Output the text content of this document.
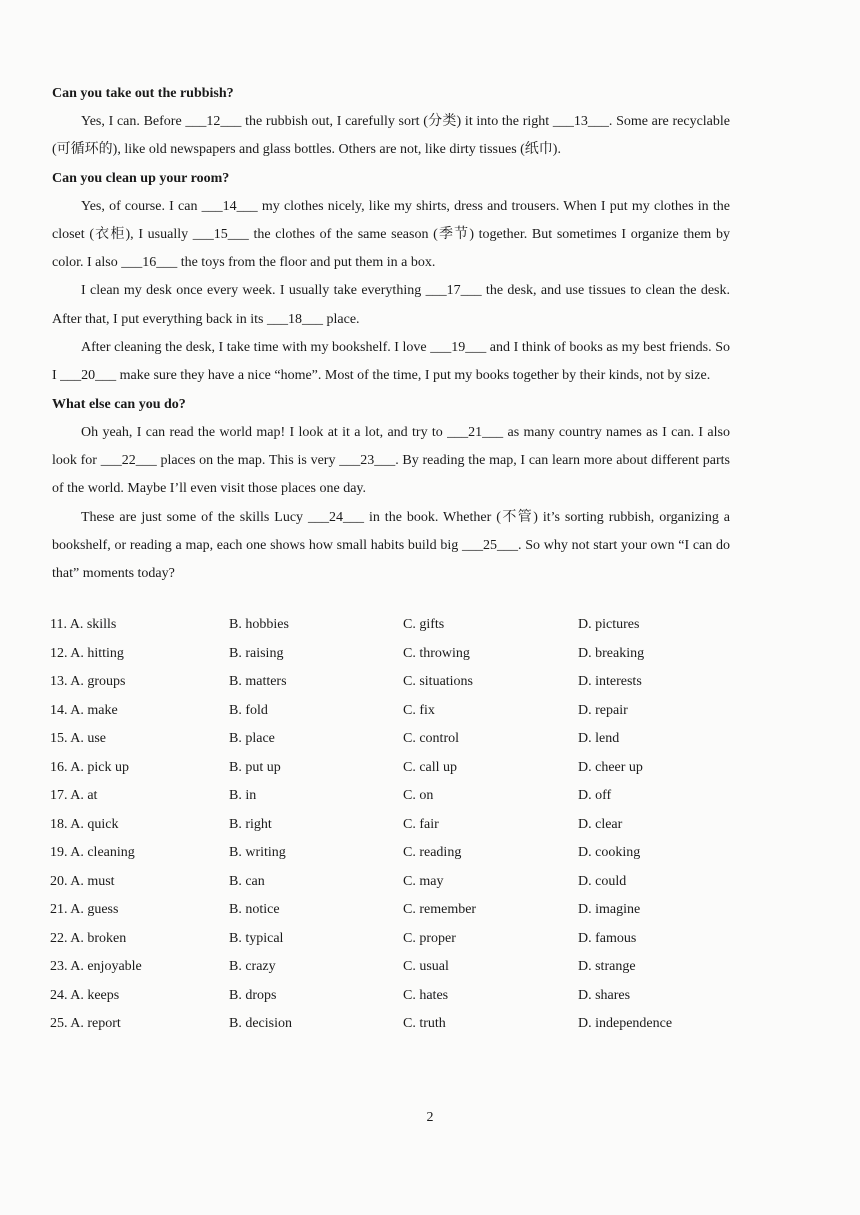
Can you take out the rubbish?
Yes, I can. Before ___12___ the rubbish out, I carefully sort (分类) it into the right ___13___. Some are recyclable (可循环的), like old newspapers and glass bottles. Others are not, like dirty tissues (纸巾).
Can you clean up your room?
Yes, of course. I can ___14___ my clothes nicely, like my shirts, dress and trousers. When I put my clothes in the closet (衣柜), I usually ___15___ the clothes of the same season (季节) together. But sometimes I organize them by color. I also ___16___ the toys from the floor and put them in a box.
I clean my desk once every week. I usually take everything ___17___ the desk, and use tissues to clean the desk. After that, I put everything back in its ___18___ place.
After cleaning the desk, I take time with my bookshelf. I love ___19___ and I think of books as my best friends. So I ___20___ make sure they have a nice “home”. Most of the time, I put my books together by their kinds, not by size.
What else can you do?
Oh yeah, I can read the world map! I look at it a lot, and try to ___21___ as many country names as I can. I also look for ___22___ places on the map. This is very ___23___. By reading the map, I can learn more about different parts of the world. Maybe I’ll even visit those places one day.
These are just some of the skills Lucy ___24___ in the book. Whether (不管) it’s sorting rubbish, organizing a bookshelf, or reading a map, each one shows how small habits build big ___25___. So why not start your own “I can do that” moments today?
11. A. skills	B. hobbies	C. gifts	D. pictures
12. A. hitting	B. raising	C. throwing	D. breaking
13. A. groups	B. matters	C. situations	D. interests
14. A. make	B. fold	C. fix	D. repair
15. A. use	B. place	C. control	D. lend
16. A. pick up	B. put up	C. call up	D. cheer up
17. A. at	B. in	C. on	D. off
18. A. quick	B. right	C. fair	D. clear
19. A. cleaning	B. writing	C. reading	D. cooking
20. A. must	B. can	C. may	D. could
21. A. guess	B. notice	C. remember	D. imagine
22. A. broken	B. typical	C. proper	D. famous
23. A. enjoyable	B. crazy	C. usual	D. strange
24. A. keeps	B. drops	C. hates	D. shares
25. A. report	B. decision	C. truth	D. independence
2
